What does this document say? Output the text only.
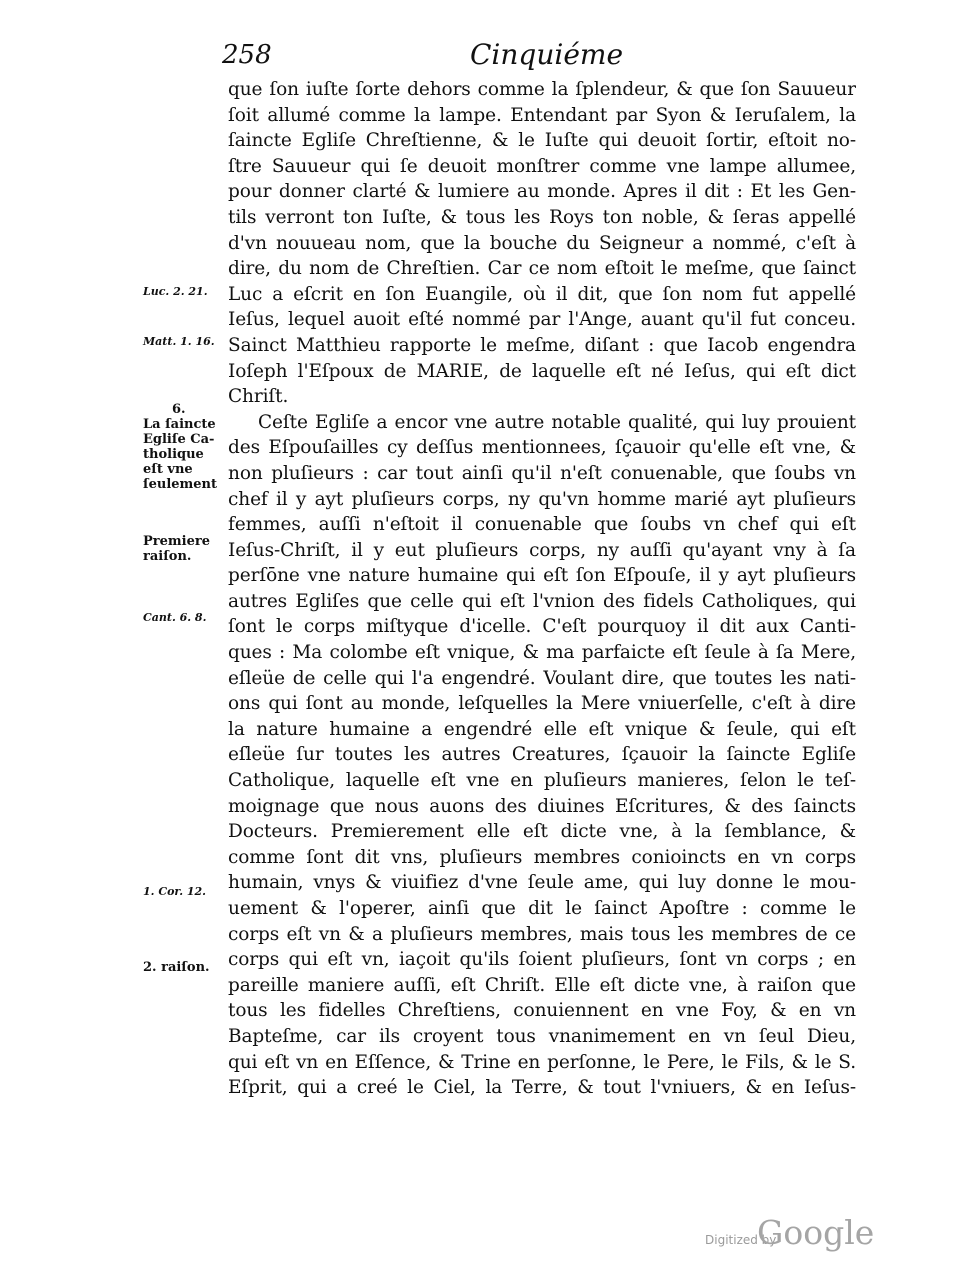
258	Cinquiéme
que ſon iuſte ſorte dehors comme la ſplendeur, & que ſon Sauueur
ſoit allumé comme la lampe. Entendant par Syon & Ieruſalem, la
ſaincte Egliſe Chreſtienne, & le Iuſte qui deuoit ſortir, eſtoit no-
ſtre Sauueur qui ſe deuoit monſtrer comme vne lampe allumee,
pour donner clarté & lumiere au monde. Apres il dit : Et les Gen-
tils verront ton Iuſte, & tous les Roys ton noble, & ſeras appellé
d'vn nouueau nom, que la bouche du Seigneur a nommé, c'eſt à
dire, du nom de Chreſtien. Car ce nom eſtoit le meſme, que ſainct
Luc a eſcrit en ſon Euangile, où il dit, que ſon nom fut appellé
Ieſus, lequel auoit eſté nommé par l'Ange, auant qu'il fut conceu.
Sainct Matthieu rapporte le meſme, diſant : que Iacob engendra
Ioſeph l'Eſpoux de MARIE, de laquelle eſt né Ieſus, qui eſt dict
Chriſt.
Ceſte Egliſe a encor vne autre notable qualité, qui luy prouient
des Eſpouſailles cy deſſus mentionnees, ſçauoir qu'elle eſt vne, &
non pluſieurs : car tout ainſi qu'il n'eſt conuenable, que ſoubs vn
chef il y ayt pluſieurs corps, ny qu'vn homme marié ayt pluſieurs
femmes, auſſi n'eſtoit il conuenable que ſoubs vn chef qui eſt
Ieſus-Chriſt, il y eut pluſieurs corps, ny auſſi qu'ayant vny à ſa
perſōne vne nature humaine qui eſt ſon Eſpouſe, il y ayt pluſieurs
autres Egliſes que celle qui eſt l'vnion des fidels Catholiques, qui
ſont le corps miſtyque d'icelle. C'eſt pourquoy il dit aux Canti-
ques : Ma colombe eſt vnique, & ma parfaicte eſt ſeule à ſa Mere,
eſleüe de celle qui l'a engendré. Voulant dire, que toutes les nati-
ons qui ſont au monde, leſquelles la Mere vniuerſelle, c'eſt à dire
la nature humaine a engendré elle eſt vnique & ſeule, qui eſt
eſleüe ſur toutes les autres Creatures, ſçauoir la ſaincte Egliſe
Catholique, laquelle eſt vne en pluſieurs manieres, ſelon le teſ-
moignage que nous auons des diuines Eſcritures, & des ſaincts
Docteurs. Premierement elle eſt dicte vne, à la ſemblance, &
comme ſont dit vns, pluſieurs membres conioincts en vn corps
humain, vnys & viuifiez d'vne ſeule ame, qui luy donne le mou-
uement & l'operer, ainſi que dit le ſainct Apoſtre : comme le
corps eſt vn & a pluſieurs membres, mais tous les membres de ce
corps qui eſt vn, iaçoit qu'ils ſoient pluſieurs, ſont vn corps ; en
pareille maniere auſſi, eſt Chriſt. Elle eſt dicte vne, à raiſon que
tous les fidelles Chreſtiens, conuiennent en vne Foy, & en vn
Bapteſme, car ils croyent tous vnanimement en vn ſeul Dieu,
qui eſt vn en Eſſence, & Trine en perſonne, le Pere, le Fils, & le S.
Eſprit, qui a creé le Ciel, la Terre, & tout l'vniuers, & en Ieſus-
Luc. 2. 21.
Matt. 1. 16.
6.
La ſaincte
Egliſe Ca-
tholique
eſt vne
ſeulement
Premiere
raiſon.
Cant. 6. 8.
1. Cor. 12.
2. raiſon.
Digitized by
Google
